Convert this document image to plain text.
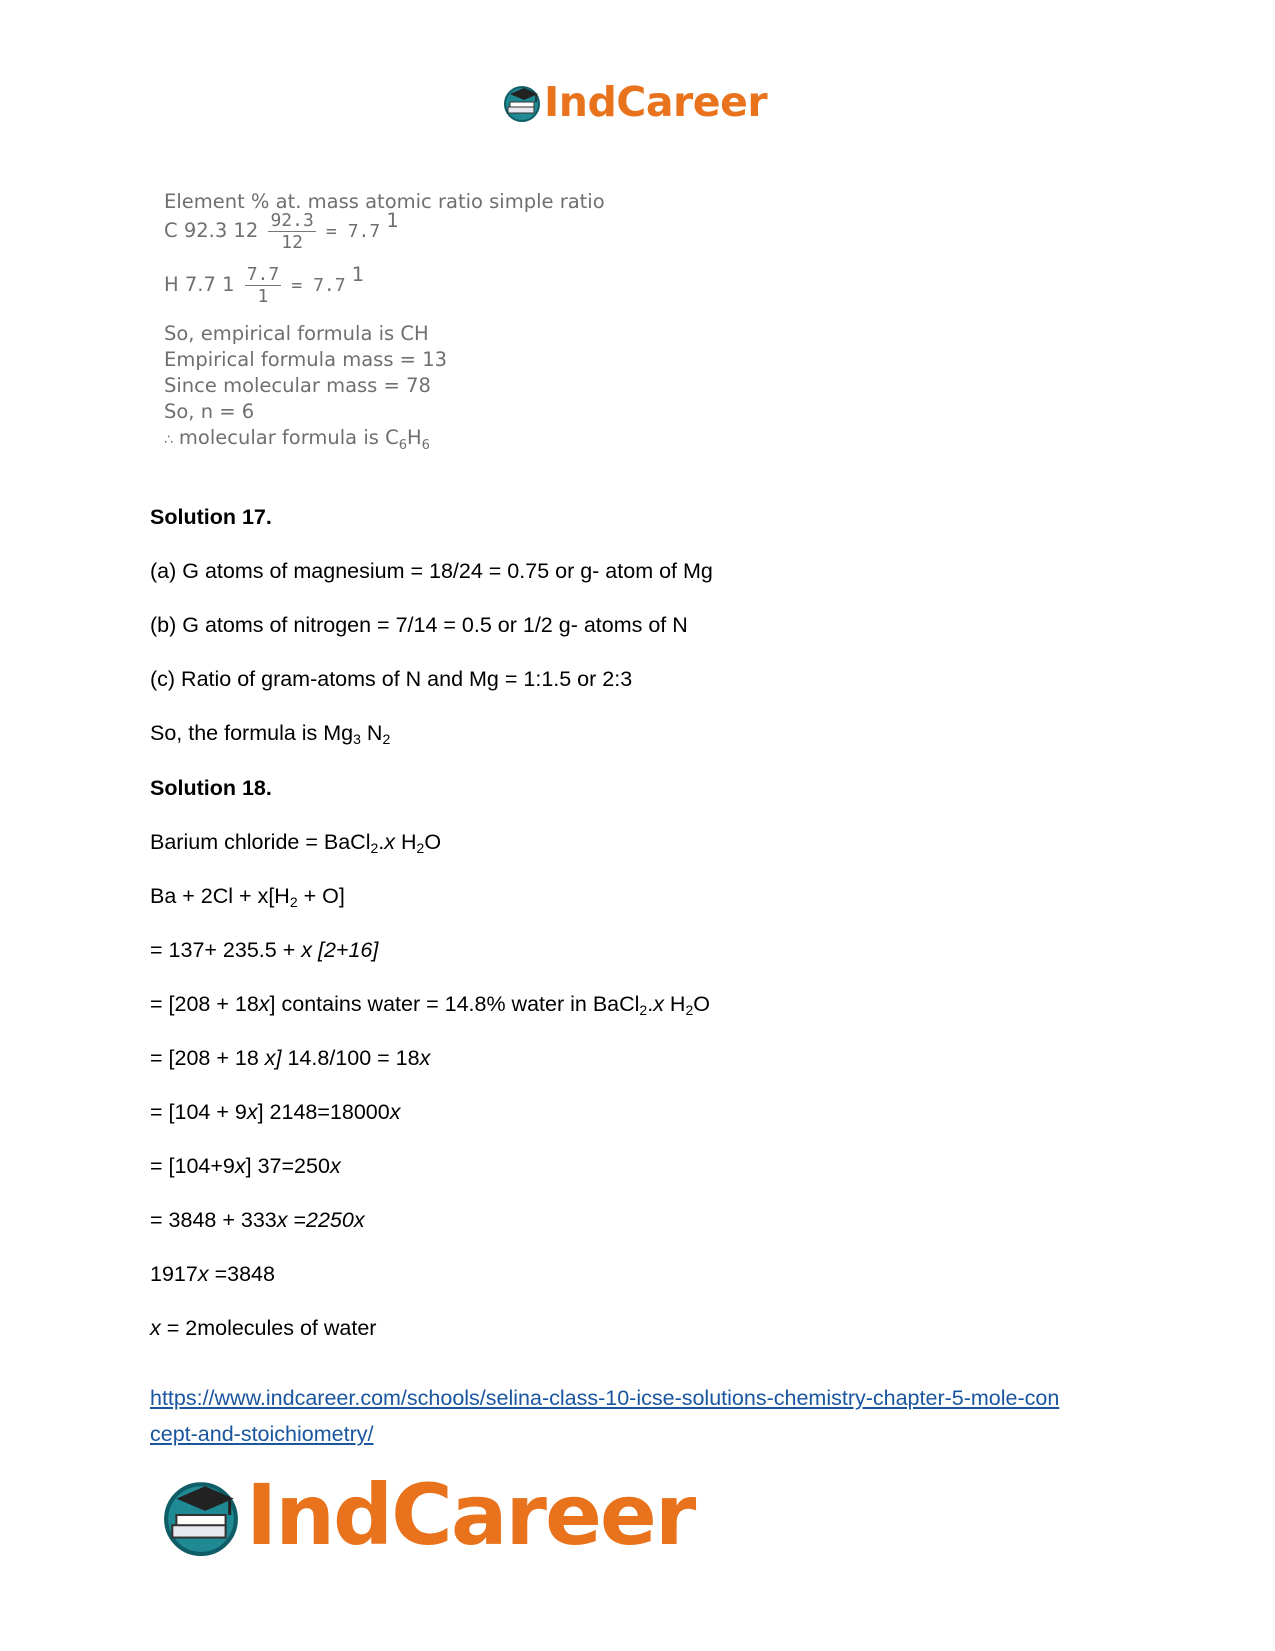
IndCareer
Element % at. mass atomic ratio simple ratio
C 92.3 $12 \frac{92.3}{12} = 7.7$ 1
H 7.7 $1 \frac{7.7}{1} = 7.7$ 1
So, empirical formula is CH
Empirical formula mass = 13
Since molecular mass = 78
So, n = 6
∴ molecular formula is $C_6H_6$
Solution 17.
(a) G atoms of magnesium = 18/24 = 0.75 or g- atom of Mg
(b) G atoms of nitrogen = 7/14 = 0.5 or 1/2 g- atoms of N
(c) Ratio of gram-atoms of N and Mg = 1:1.5 or 2:3
So, the formula is $Mg_3$ $N_2$
Solution 18.
Barium chloride = BaCl$_2$.x $H_2O$
$Ba + 2Cl + x[H_2 + O]$
= 137+ 235.5 + x [2+16]
= [208 + 18x] contains water = 14.8% water in BaCl$_2$.x $H_2O$
= [208 + 18 x] 14.8/100 = 18x
= [104 + 9x] 2148=18000x
= [104+9x] 37=250x
= 3848 + 333x =2250x
1917x =3848
x = 2molecules of water
https://www.indcareer.com/schools/selina-class-10-icse-solutions-chemistry-chapter-5-mole-con
cept-and-stoichiometry/
IndCareer
